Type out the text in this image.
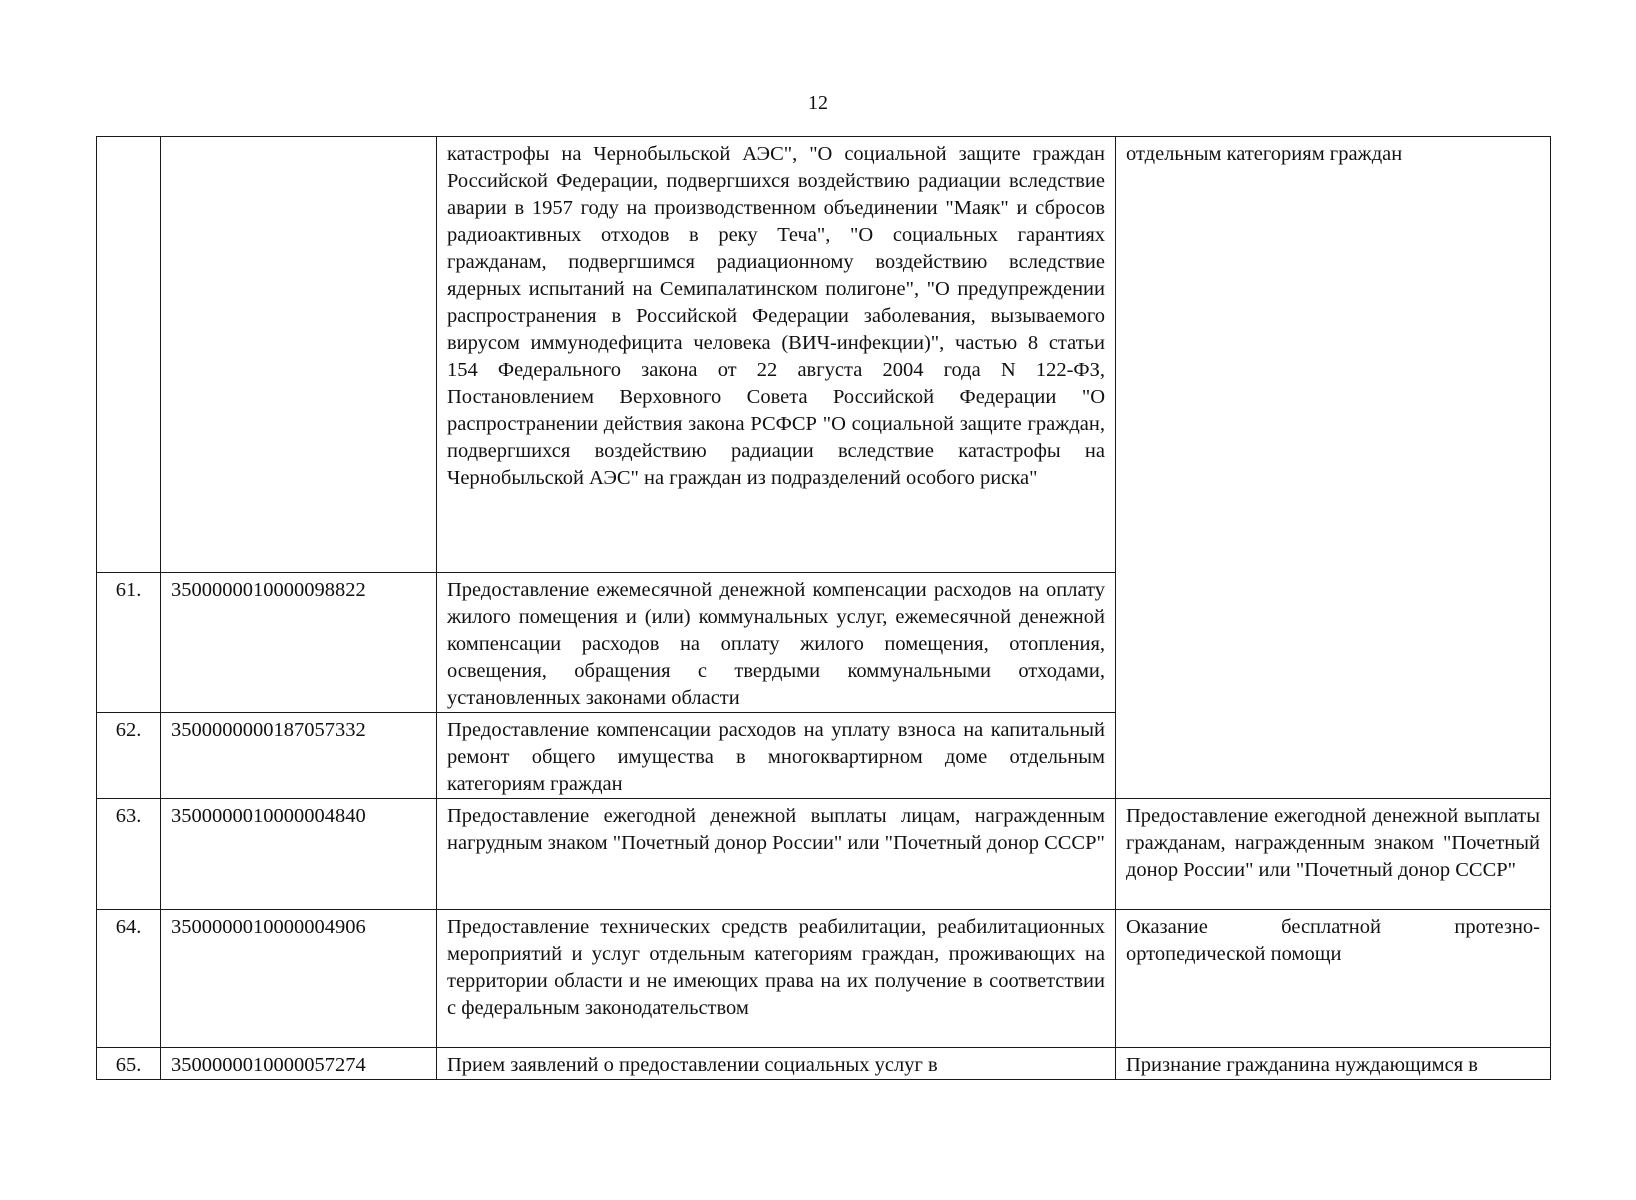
12
		катастрофы на Чернобыльской АЭС", "О социальной защите граждан Российской Федерации, подвергшихся воздействию радиации вследствие аварии в 1957 году на производственном объединении "Маяк" и сбросов радиоактивных отходов в реку Теча", "О социальных гарантиях гражданам, подвергшимся радиационному воздействию вследствие ядерных испытаний на Семипалатинском полигоне", "О предупреждении распространения в Российской Федерации заболевания, вызываемого вирусом иммунодефицита человека (ВИЧ-инфекции)", частью 8 статьи 154 Федерального закона от 22 августа 2004 года N 122-ФЗ, Постановлением Верховного Совета Российской Федерации "О распространении действия закона РСФСР "О социальной защите граждан, подвергшихся воздействию радиации вследствие катастрофы на Чернобыльской АЭС" на граждан из подразделений особого риска"	отдельным категориям граждан
61.	3500000010000098822	Предоставление ежемесячной денежной компенсации расходов на оплату жилого помещения и (или) коммунальных услуг, ежемесячной денежной компенсации расходов на оплату жилого помещения, отопления, освещения, обращения с твердыми коммунальными отходами, установленных законами области	
62.	3500000000187057332	Предоставление компенсации расходов на уплату взноса на капитальный ремонт общего имущества в многоквартирном доме отдельным категориям граждан	
63.	3500000010000004840	Предоставление ежегодной денежной выплаты лицам, награжденным нагрудным знаком "Почетный донор России" или "Почетный донор СССР"	Предоставление ежегодной денежной выплаты гражданам, награжденным знаком "Почетный донор России" или "Почетный донор СССР"
64.	3500000010000004906	Предоставление технических средств реабилитации, реабилитационных мероприятий и услуг отдельным категориям граждан, проживающих на территории области и не имеющих права на их получение в соответствии с федеральным законодательством	Оказание бесплатной протезно-ортопедической помощи
65.	3500000010000057274	Прием заявлений о предоставлении социальных услуг в	Признание гражданина нуждающимся в
